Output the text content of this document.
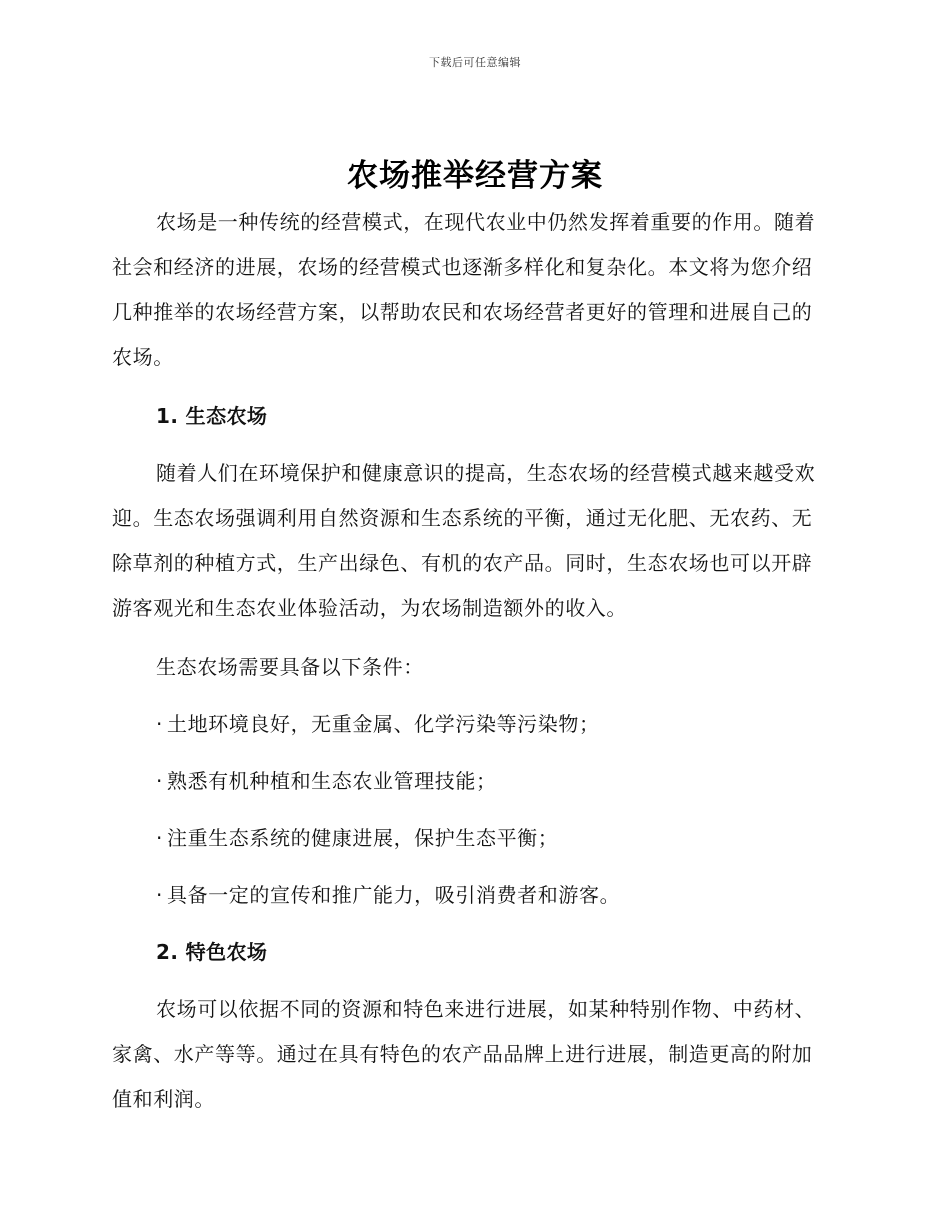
下载后可任意编辑
农场推举经营方案

农场是一种传统的经营模式，在现代农业中仍然发挥着重要的作用。随着社会和经济的进展，农场的经营模式也逐渐多样化和复杂化。本文将为您介绍几种推举的农场经营方案，以帮助农民和农场经营者更好的管理和进展自己的农场。

1. 生态农场

随着人们在环境保护和健康意识的提高，生态农场的经营模式越来越受欢迎。生态农场强调利用自然资源和生态系统的平衡，通过无化肥、无农药、无除草剂的种植方式，生产出绿色、有机的农产品。同时，生态农场也可以开辟游客观光和生态农业体验活动，为农场制造额外的收入。

生态农场需要具备以下条件：

· 土地环境良好，无重金属、化学污染等污染物；

· 熟悉有机种植和生态农业管理技能；

· 注重生态系统的健康进展，保护生态平衡；

· 具备一定的宣传和推广能力，吸引消费者和游客。

2. 特色农场

农场可以依据不同的资源和特色来进行进展，如某种特别作物、中药材、家禽、水产等等。通过在具有特色的农产品品牌上进行进展，制造更高的附加值和利润。
